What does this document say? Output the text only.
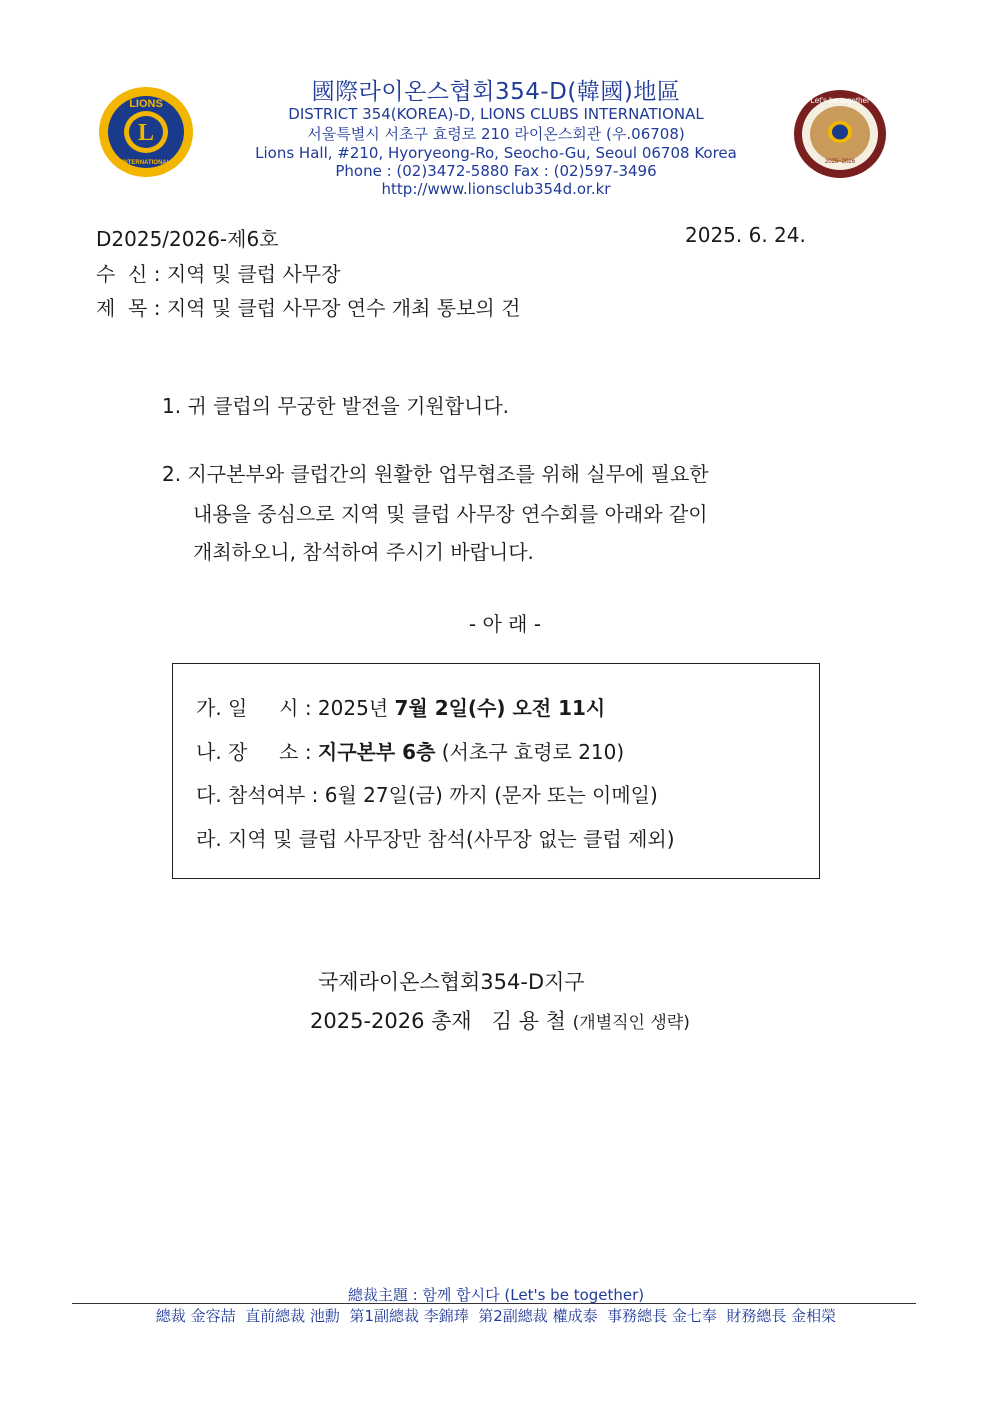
L
LIONS
INTERNATIONAL
國際라이온스협회354-D(韓國)地區
DISTRICT 354(KOREA)-D, LIONS CLUBS INTERNATIONAL
서울특별시 서초구 효령로 210 라이온스회관 (우.06708)
Lions Hall, #210, Hyoryeong-Ro, Seocho-Gu, Seoul 06708 Korea
Phone : (02)3472-5880 Fax : (02)597-3496
http://www.lionsclub354d.or.kr
Let's be together
2025~2026
D2025/2026-제6호	2025. 6. 24.
수  신 : 지역 및 클럽 사무장
제  목 : 지역 및 클럽 사무장 연수 개최 통보의 건
1. 귀 클럽의 무궁한 발전을 기원합니다.
2. 지구본부와 클럽간의 원활한 업무협조를 위해 실무에 필요한
내용을 중심으로 지역 및 클럽 사무장 연수회를 아래와 같이
개최하오니, 참석하여 주시기 바랍니다.
- 아 래 -
가. 일     시 : 2025년 7월 2일(수) 오전 11시
나. 장     소 : 지구본부 6층 (서초구 효령로 210)
다. 참석여부 : 6월 27일(금) 까지 (문자 또는 이메일)
라. 지역 및 클럽 사무장만 참석(사무장 없는 클럽 제외)
국제라이온스협회354-D지구
2025-2026 총재   김 용 철 (개별직인 생략)
總裁主題 : 함께 합시다 (Let's be together)
總裁 金容喆  直前總裁 池勳  第1副總裁 李錦琫  第2副總裁 權成泰  事務總長 金七奉  財務總長 金相榮
